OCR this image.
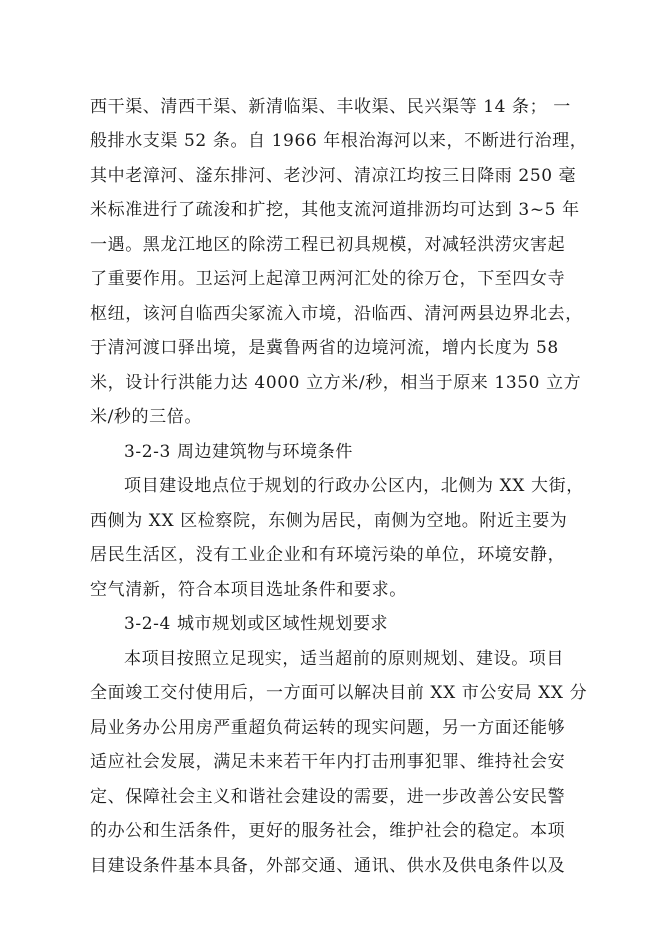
西干渠、清西干渠、新清临渠、丰收渠、民兴渠等 14 条； 一
般排水支渠 52 条。自 1966 年根治海河以来，不断进行治理，
其中老漳河、滏东排河、老沙河、清凉江均按三日降雨 250 毫
米标准进行了疏浚和扩挖，其他支流河道排沥均可达到 3~5 年
一遇。黑龙江地区的除涝工程已初具规模，对减轻洪涝灾害起
了重要作用。卫运河上起漳卫两河汇处的徐万仓，下至四女寺
枢纽，该河自临西尖冢流入市境，沿临西、清河两县边界北去，
于清河渡口驿出境，是冀鲁两省的边境河流，增内长度为 58
米，设计行洪能力达 4000 立方米/秒，相当于原来 1350 立方
米/秒的三倍。
3-2-3 周边建筑物与环境条件
项目建设地点位于规划的行政办公区内，北侧为 XX 大街，
西侧为 XX 区检察院，东侧为居民，南侧为空地。附近主要为
居民生活区，没有工业企业和有环境污染的单位，环境安静，
空气清新，符合本项目选址条件和要求。
3-2-4 城市规划或区域性规划要求
本项目按照立足现实，适当超前的原则规划、建设。项目
全面竣工交付使用后，一方面可以解决目前 XX 市公安局 XX 分
局业务办公用房严重超负荷运转的现实问题，另一方面还能够
适应社会发展，满足未来若干年内打击刑事犯罪、维持社会安
定、保障社会主义和谐社会建设的需要，进一步改善公安民警
的办公和生活条件，更好的服务社会，维护社会的稳定。本项
目建设条件基本具备，外部交通、通讯、供水及供电条件以及
